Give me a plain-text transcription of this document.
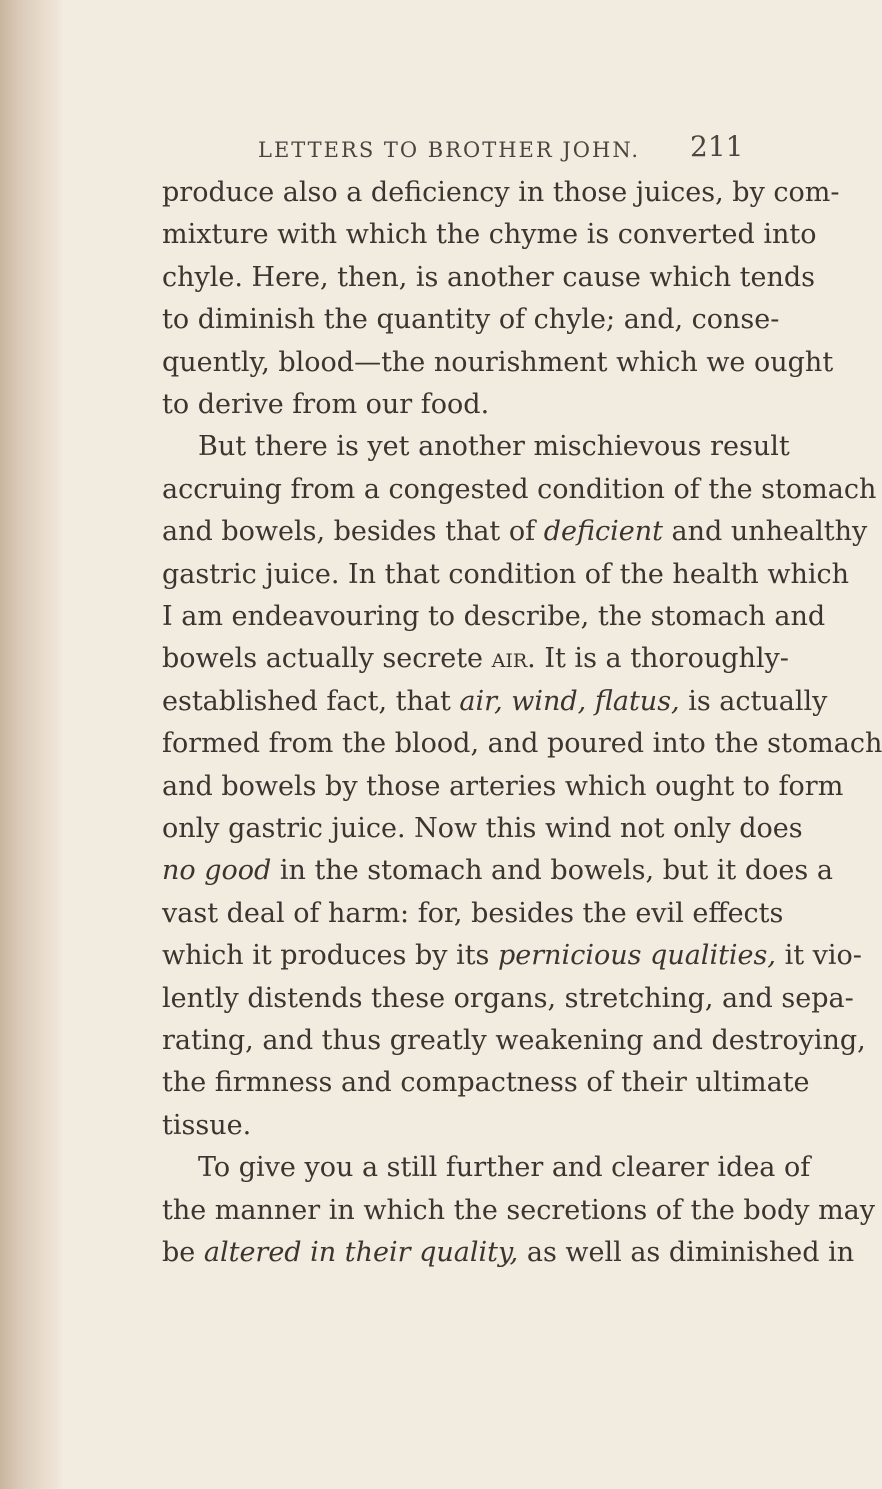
LETTERS TO BROTHER JOHN. 211
produce also a deficiency in those juices, by com-
mixture with which the chyme is converted into
chyle. Here, then, is another cause which tends
to diminish the quantity of chyle; and, conse-
quently, blood—the nourishment which we ought
to derive from our food.
But there is yet another mischievous result
accruing from a congested condition of the stomach
and bowels, besides that of deficient and unhealthy
gastric juice. In that condition of the health which
I am endeavouring to describe, the stomach and
bowels actually secrete air. It is a thoroughly-
established fact, that air, wind, flatus, is actually
formed from the blood, and poured into the stomach
and bowels by those arteries which ought to form
only gastric juice. Now this wind not only does
no good in the stomach and bowels, but it does a
vast deal of harm: for, besides the evil effects
which it produces by its pernicious qualities, it vio-
lently distends these organs, stretching, and sepa-
rating, and thus greatly weakening and destroying,
the firmness and compactness of their ultimate
tissue.
To give you a still further and clearer idea of
the manner in which the secretions of the body may
be altered in their quality, as well as diminished in
